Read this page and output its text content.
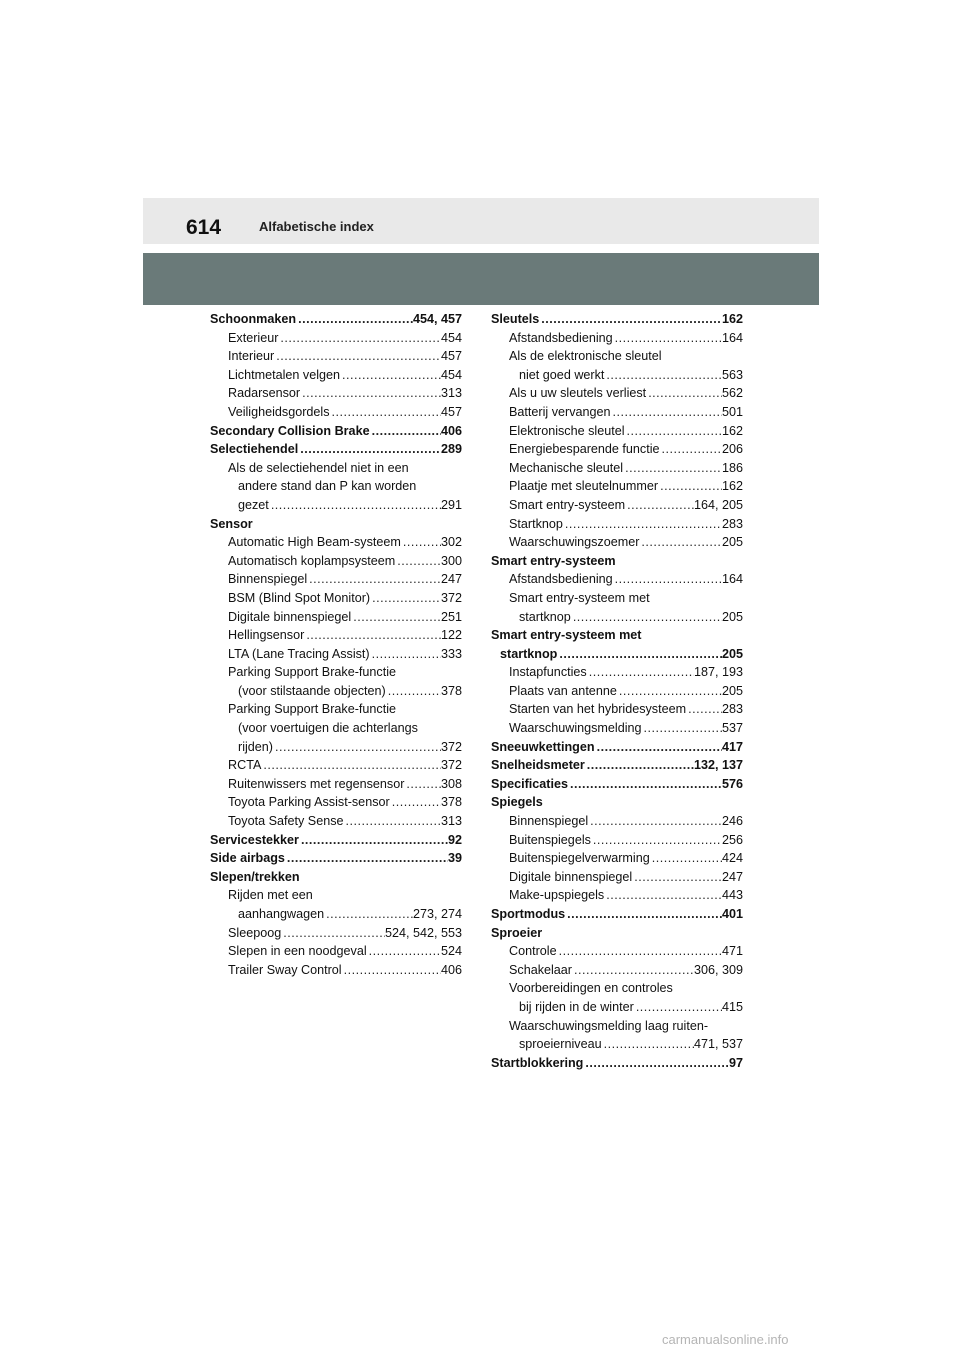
614	Alfabetische index
Schoonmaken .....	454, 457
Exterieur .....	454
Interieur .....	457
Lichtmetalen velgen .....	454
Radarsensor .....	313
Veiligheidsgordels .....	457
Secondary Collision Brake .....	406
Selectiehendel .....	289
Als de selectiehendel niet in een
andere stand dan P kan worden
gezet .....	291
Sensor
Automatic High Beam-systeem .....	302
Automatisch koplampsysteem .....	300
Binnenspiegel .....	247
BSM (Blind Spot Monitor) .....	372
Digitale binnenspiegel .....	251
Hellingsensor .....	122
LTA (Lane Tracing Assist) .....	333
Parking Support Brake-functie
(voor stilstaande objecten) .....	378
Parking Support Brake-functie
(voor voertuigen die achterlangs
rijden) .....	372
RCTA .....	372
Ruitenwissers met regensensor .....	308
Toyota Parking Assist-sensor .....	378
Toyota Safety Sense .....	313
Servicestekker .....	92
Side airbags .....	39
Slepen/trekken
Rijden met een
aanhangwagen .....	273, 274
Sleepoog .....	524, 542, 553
Slepen in een noodgeval .....	524
Trailer Sway Control .....	406
Sleutels .....	162
Afstandsbediening .....	164
Als de elektronische sleutel
niet goed werkt .....	563
Als u uw sleutels verliest .....	562
Batterij vervangen .....	501
Elektronische sleutel .....	162
Energiebesparende functie .....	206
Mechanische sleutel .....	186
Plaatje met sleutelnummer .....	162
Smart entry-systeem .....	164, 205
Startknop .....	283
Waarschuwingszoemer .....	205
Smart entry-systeem
Afstandsbediening .....	164
Smart entry-systeem met
startknop .....	205
Smart entry-systeem met
startknop .....	205
Instapfuncties .....	187, 193
Plaats van antenne .....	205
Starten van het hybridesysteem .....	283
Waarschuwingsmelding .....	537
Sneeuwkettingen .....	417
Snelheidsmeter .....	132, 137
Specificaties .....	576
Spiegels
Binnenspiegel .....	246
Buitenspiegels .....	256
Buitenspiegelverwarming .....	424
Digitale binnenspiegel .....	247
Make-upspiegels .....	443
Sportmodus .....	401
Sproeier
Controle .....	471
Schakelaar .....	306, 309
Voorbereidingen en controles
bij rijden in de winter .....	415
Waarschuwingsmelding laag ruiten-
sproeierniveau .....	471, 537
Startblokkering .....	97
carmanualsonline.info
